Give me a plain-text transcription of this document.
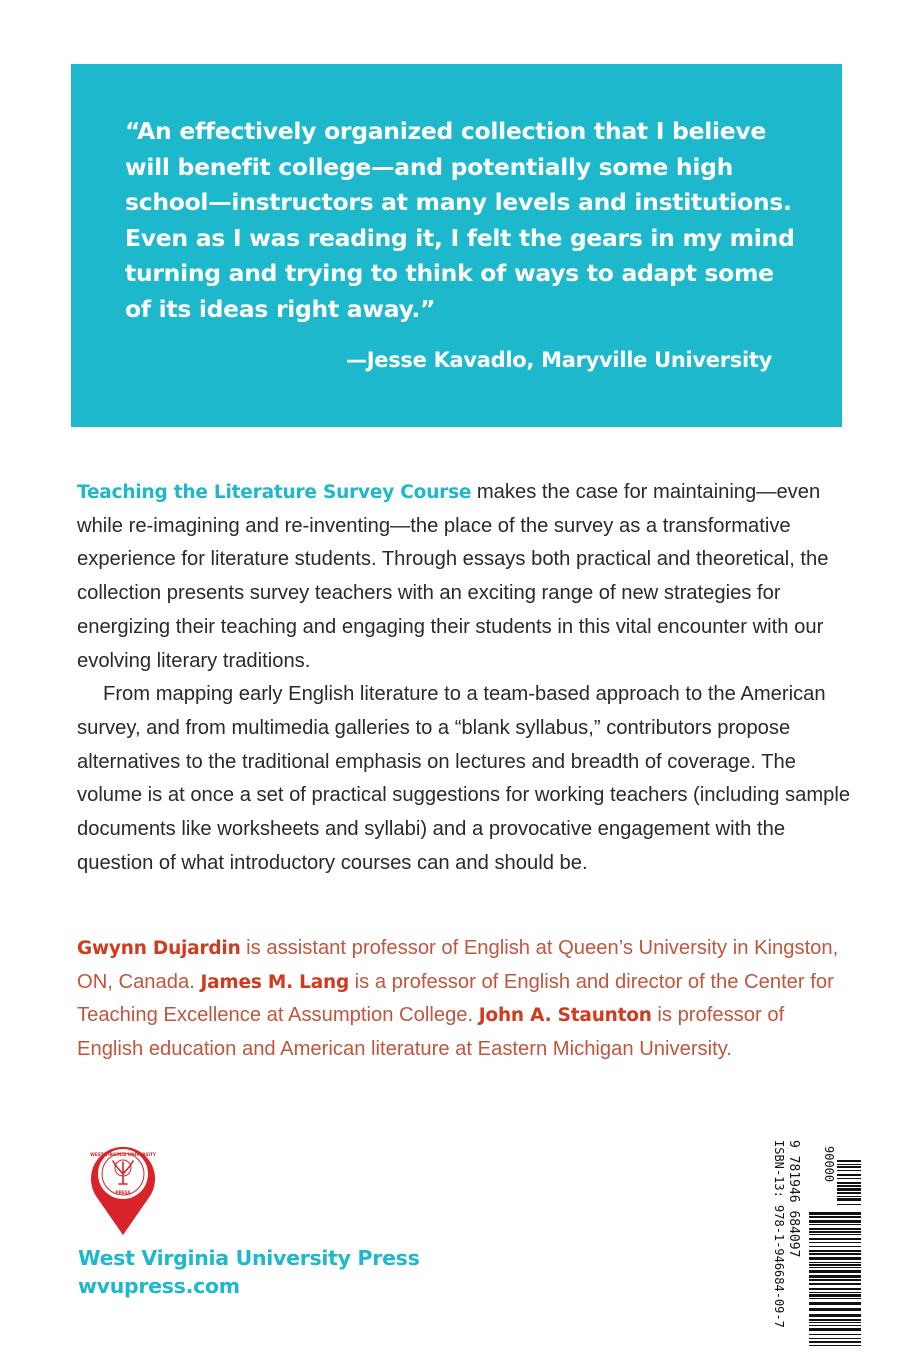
“An effectively organized collection that I believe
will benefit college—and potentially some high
school—instructors at many levels and institutions.
Even as I was reading it, I felt the gears in my mind
turning and trying to think of ways to adapt some
of its ideas right away.”

—Jesse Kavadlo, Maryville University

Teaching the Literature Survey Course makes the case for maintaining—even while re-imagining and re-inventing—the place of the survey as a transformative experience for literature students. Through essays both practical and theoretical, the collection presents survey teachers with an exciting range of new strategies for energizing their teaching and engaging their students in this vital encounter with our evolving literary traditions.

From mapping early English literature to a team-based approach to the American survey, and from multimedia galleries to a “blank syllabus,” contributors propose alternatives to the traditional emphasis on lectures and breadth of coverage. The volume is at once a set of practical suggestions for working teachers (including sample documents like worksheets and syllabi) and a provocative engagement with the question of what introductory courses can and should be.

Gwynn Dujardin is assistant professor of English at Queen’s University in Kingston, ON, Canada. James M. Lang is a professor of English and director of the Center for Teaching Excellence at Assumption College. John A. Staunton is professor of English education and American literature at Eastern Michigan University.

WEST VIRGINIA UNIVERSITY
PRESS
West Virginia University Press
wvupress.com	ISBN-13: 978-1-946684-09-7 9 781946 684097 90000
